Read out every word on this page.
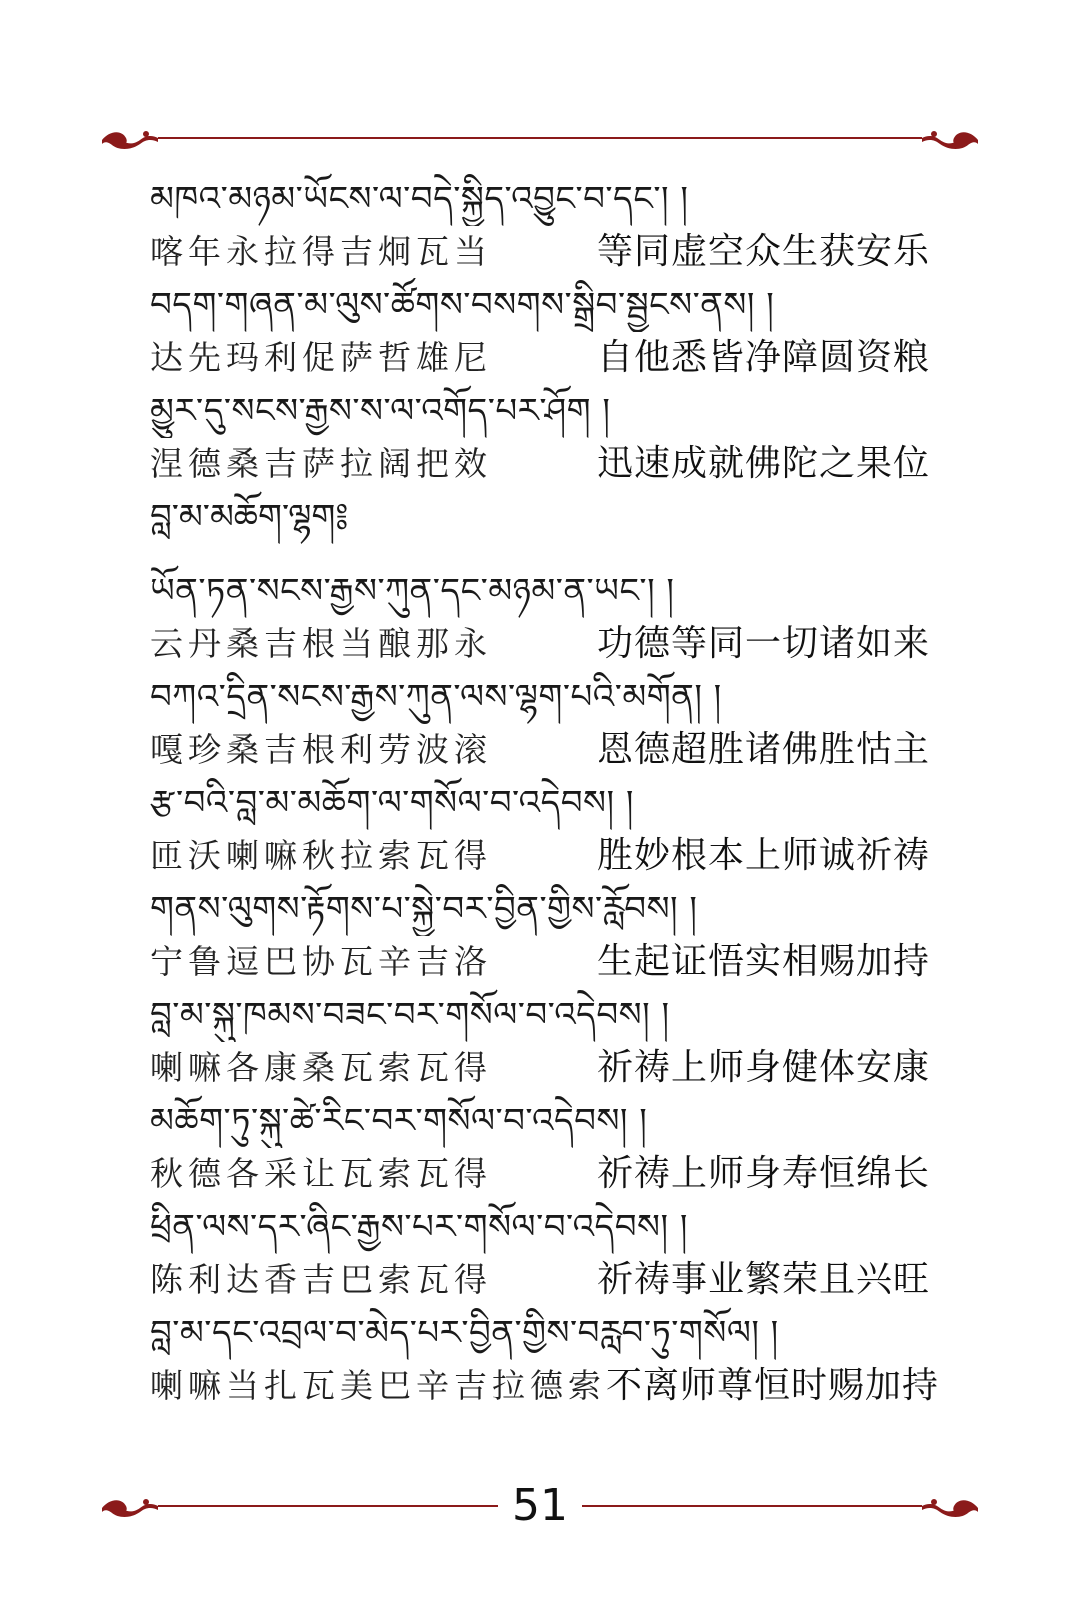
མཁའ་མཉམ་ཡོངས་ལ་བདེ་སྐྱིད་འབྱུང་བ་དང་། །
喀年永拉得吉炯瓦当	等同虚空众生获安乐
བདག་གཞན་མ་ལུས་ཚོགས་བསགས་སྒྲིབ་སྦྱངས་ནས། །
达先玛利促萨哲雄尼	自他悉皆净障圆资粮
མྱུར་དུ་སངས་རྒྱས་ས་ལ་འགོད་པར་ཤོག །
涅德桑吉萨拉阔把效	迅速成就佛陀之果位
བླ་མ་མཆོག་ལྷག༔
ཡོན་ཏན་སངས་རྒྱས་ཀུན་དང་མཉམ་ན་ཡང་། །
云丹桑吉根当酿那永	功德等同一切诸如来
བཀའ་དྲིན་སངས་རྒྱས་ཀུན་ལས་ལྷག་པའི་མགོན། །
嘎珍桑吉根利劳波滚	恩德超胜诸佛胜怙主
རྩ་བའི་བླ་མ་མཆོག་ལ་གསོལ་བ་འདེབས། །
匝沃喇嘛秋拉索瓦得	胜妙根本上师诚祈祷
གནས་ལུགས་རྟོགས་པ་སྐྱེ་བར་བྱིན་གྱིས་རློབས། །
宁鲁逗巴协瓦辛吉洛	生起证悟实相赐加持
བླ་མ་སྐུ་ཁམས་བཟང་བར་གསོལ་བ་འདེབས། །
喇嘛各康桑瓦索瓦得	祈祷上师身健体安康
མཆོག་ཏུ་སྐུ་ཚེ་རིང་བར་གསོལ་བ་འདེབས། །
秋德各采让瓦索瓦得	祈祷上师身寿恒绵长
ཕྲིན་ལས་དར་ཞིང་རྒྱས་པར་གསོལ་བ་འདེབས། །
陈利达香吉巴索瓦得	祈祷事业繁荣且兴旺
བླ་མ་དང་འབྲལ་བ་མེད་པར་བྱིན་གྱིས་བརླབ་ཏུ་གསོལ། །
喇嘛当扎瓦美巴辛吉拉德索 不离师尊恒时赐加持
51
